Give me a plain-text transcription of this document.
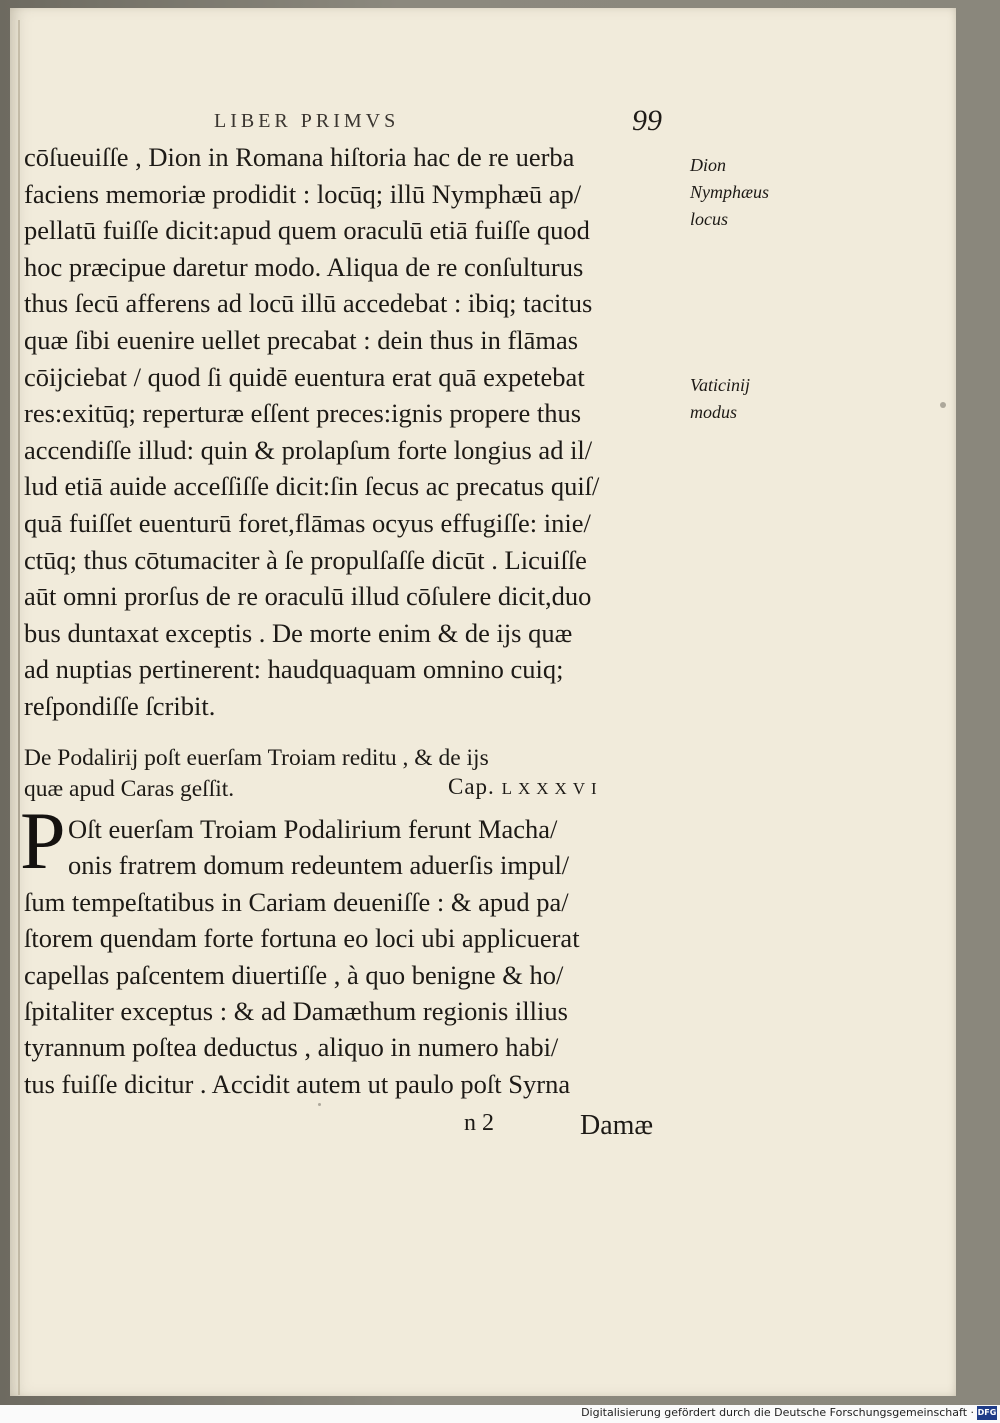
LIBER PRIMVS	99
cōſueuiſſe , Dion in Romana hiſtoria hac de re uerba
faciens memoriæ prodidit : locūq; illū Nymphæū ap/
pellatū fuiſſe dicit:apud quem oraculū etiā fuiſſe quod
hoc præcipue daretur modo. Aliqua de re conſulturus
thus ſecū afferens ad locū illū accedebat : ibiq; tacitus
quæ ſibi euenire uellet precabat : dein thus in flāmas
cōijciebat / quod ſi quidē euentura erat quā expetebat
res:exitūq; reperturæ eſſent preces:ignis propere thus
accendiſſe illud: quin & prolapſum forte longius ad il/
lud etiā auide acceſſiſſe dicit:ſin ſecus ac precatus quiſ/
quā fuiſſet euenturū foret,flāmas ocyus effugiſſe: inie/
ctūq; thus cōtumaciter à ſe propulſaſſe dicūt . Licuiſſe
aūt omni prorſus de re oraculū illud cōſulere dicit,duo
bus duntaxat exceptis . De morte enim & de ijs quæ
ad nuptias pertinerent: haudquaquam omnino cuiq;
reſpondiſſe ſcribit.
Dion
Nymphæus
locus
Vaticinij
modus
De Podalirij poſt euerſam Troiam reditu , & de ijs
quæ apud Caras geſſit.	Cap. LXXXVI
P Oſt euerſam Troiam Podalirium ferunt Macha/
onis fratrem domum redeuntem aduerſis impul/
ſum tempeſtatibus in Cariam deueniſſe : & apud pa/
ſtorem quendam forte fortuna eo loci ubi applicuerat
capellas paſcentem diuertiſſe , à quo benigne & ho/
ſpitaliter exceptus : & ad Damæthum regionis illius
tyrannum poſtea deductus , aliquo in numero habi/
tus fuiſſe dicitur . Accidit autem ut paulo poſt Syrna
n 2	Damæ
Digitalisierung gefördert durch die Deutsche Forschungsgemeinschaft · DFG
